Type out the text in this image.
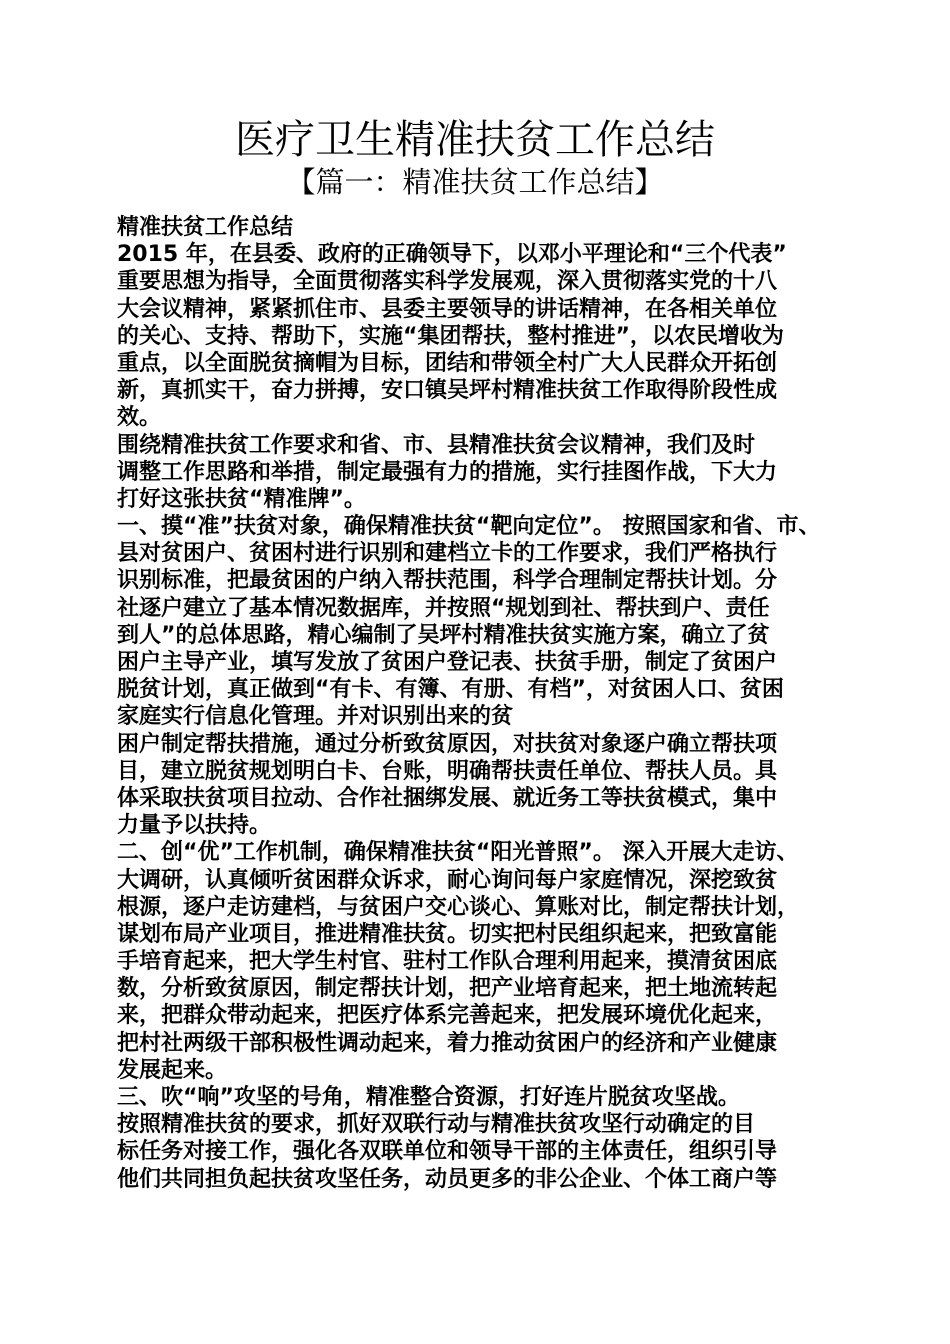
医疗卫生精准扶贫工作总结
【篇一：精准扶贫工作总结】
精准扶贫工作总结
2015 年，在县委、政府的正确领导下，以邓小平理论和“三个代表”
重要思想为指导，全面贯彻落实科学发展观，深入贯彻落实党的十八
大会议精神，紧紧抓住市、县委主要领导的讲话精神，在各相关单位
的关心、支持、帮助下，实施“集团帮扶，整村推进”，以农民增收为
重点，以全面脱贫摘帽为目标，团结和带领全村广大人民群众开拓创
新，真抓实干，奋力拼搏，安口镇吴坪村精准扶贫工作取得阶段性成
效。
围绕精准扶贫工作要求和省、市、县精准扶贫会议精神，我们及时
调整工作思路和举措，制定最强有力的措施，实行挂图作战，下大力
打好这张扶贫“精准牌”。
一、摸“准”扶贫对象，确保精准扶贫“靶向定位”。 按照国家和省、市、
县对贫困户、贫困村进行识别和建档立卡的工作要求，我们严格执行
识别标准，把最贫困的户纳入帮扶范围，科学合理制定帮扶计划。分
社逐户建立了基本情况数据库，并按照“规划到社、帮扶到户、责任
到人”的总体思路，精心编制了吴坪村精准扶贫实施方案，确立了贫
困户主导产业，填写发放了贫困户登记表、扶贫手册，制定了贫困户
脱贫计划，真正做到“有卡、有簿、有册、有档”，对贫困人口、贫困
家庭实行信息化管理。并对识别出来的贫
困户制定帮扶措施，通过分析致贫原因，对扶贫对象逐户确立帮扶项
目，建立脱贫规划明白卡、台账，明确帮扶责任单位、帮扶人员。具
体采取扶贫项目拉动、合作社捆绑发展、就近务工等扶贫模式，集中
力量予以扶持。
二、创“优”工作机制，确保精准扶贫“阳光普照”。 深入开展大走访、
大调研，认真倾听贫困群众诉求，耐心询问每户家庭情况，深挖致贫
根源，逐户走访建档，与贫困户交心谈心、算账对比，制定帮扶计划，
谋划布局产业项目，推进精准扶贫。切实把村民组织起来，把致富能
手培育起来，把大学生村官、驻村工作队合理利用起来，摸清贫困底
数，分析致贫原因，制定帮扶计划，把产业培育起来，把土地流转起
来，把群众带动起来，把医疗体系完善起来，把发展环境优化起来，
把村社两级干部积极性调动起来，着力推动贫困户的经济和产业健康
发展起来。
三、吹“响”攻坚的号角，精准整合资源，打好连片脱贫攻坚战。
按照精准扶贫的要求，抓好双联行动与精准扶贫攻坚行动确定的目
标任务对接工作，强化各双联单位和领导干部的主体责任，组织引导
他们共同担负起扶贫攻坚任务，动员更多的非公企业、个体工商户等
